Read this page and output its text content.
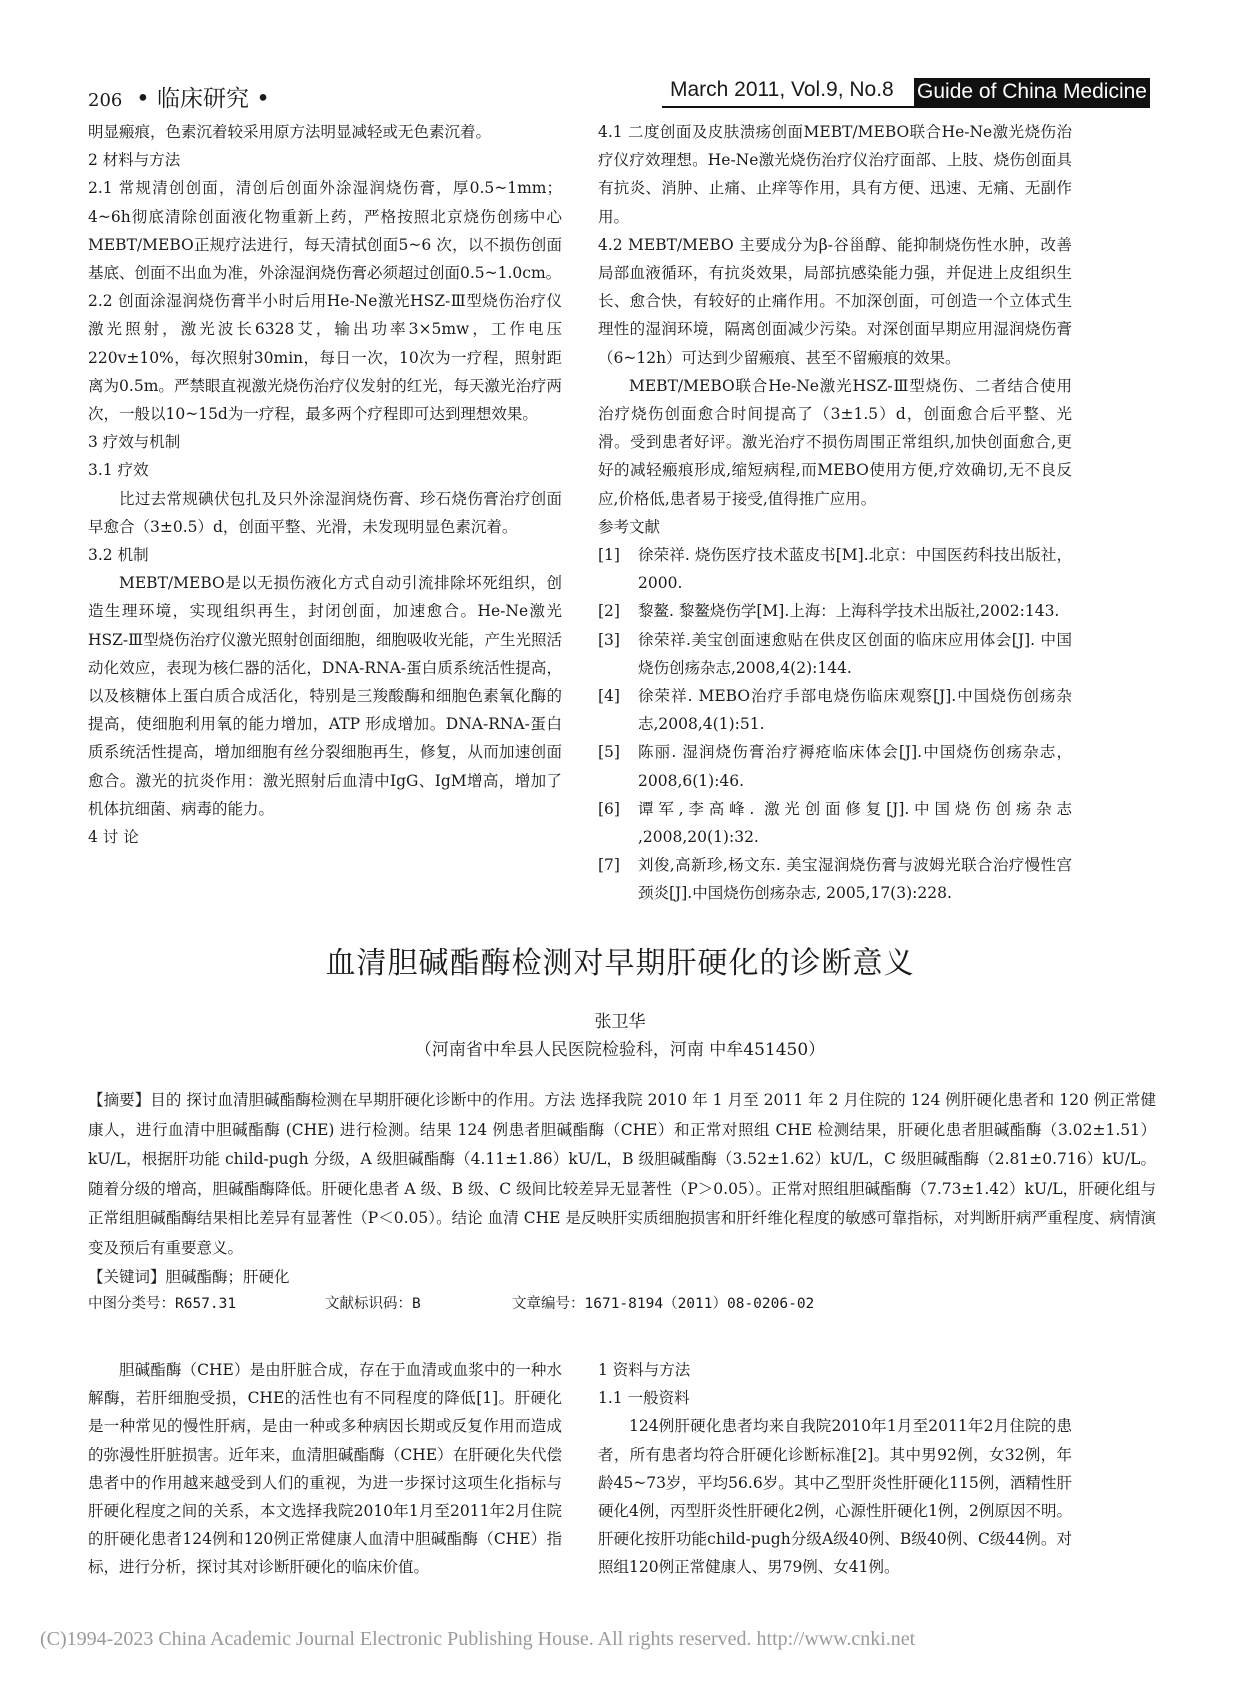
206 • 临床研究 •	March 2011, Vol.9, No.8 Guide of China Medicine

明显瘢痕，色素沉着较采用原方法明显减轻或无色素沉着。

2 材料与方法

2.1 常规清创创面，清创后创面外涂湿润烧伤膏，厚0.5~1mm；4~6h彻底清除创面液化物重新上药，严格按照北京烧伤创疡中心MEBT/MEBO正规疗法进行，每天清拭创面5~6 次，以不损伤创面基底、创面不出血为准，外涂湿润烧伤膏必须超过创面0.5~1.0cm。

2.2 创面涂湿润烧伤膏半小时后用He-Ne激光HSZ-Ⅲ型烧伤治疗仪激光照射，激光波长6328艾，输出功率3×5mw，工作电压220v±10%，每次照射30min，每日一次，10次为一疗程，照射距离为0.5m。严禁眼直视激光烧伤治疗仪发射的红光，每天激光治疗两次，一般以10~15d为一疗程，最多两个疗程即可达到理想效果。

3 疗效与机制

3.1 疗效

比过去常规碘伏包扎及只外涂湿润烧伤膏、珍石烧伤膏治疗创面早愈合（3±0.5）d，创面平整、光滑，未发现明显色素沉着。

3.2 机制

MEBT/MEBO是以无损伤液化方式自动引流排除坏死组织，创造生理环境，实现组织再生，封闭创面，加速愈合。He-Ne激光HSZ-Ⅲ型烧伤治疗仪激光照射创面细胞，细胞吸收光能，产生光照活动化效应，表现为核仁器的活化，DNA-RNA-蛋白质系统活性提高，以及核糖体上蛋白质合成活化，特别是三羧酸酶和细胞色素氧化酶的提高，使细胞利用氧的能力增加，ATP 形成增加。DNA-RNA-蛋白质系统活性提高，增加细胞有丝分裂细胞再生，修复，从而加速创面愈合。激光的抗炎作用：激光照射后血清中IgG、IgM增高，增加了机体抗细菌、病毒的能力。

4 讨 论

4.1 二度创面及皮肤溃疡创面MEBT/MEBO联合He-Ne激光烧伤治疗仪疗效理想。He-Ne激光烧伤治疗仪治疗面部、上肢、烧伤创面具有抗炎、消肿、止痛、止痒等作用，具有方便、迅速、无痛、无副作用。

4.2 MEBT/MEBO 主要成分为β-谷甾醇、能抑制烧伤性水肿，改善局部血液循环，有抗炎效果，局部抗感染能力强，并促进上皮组织生长、愈合快，有较好的止痛作用。不加深创面，可创造一个立体式生理性的湿润环境，隔离创面减少污染。对深创面早期应用湿润烧伤膏（6~12h）可达到少留瘢痕、甚至不留瘢痕的效果。

MEBT/MEBO联合He-Ne激光HSZ-Ⅲ型烧伤、二者结合使用治疗烧伤创面愈合时间提高了（3±1.5）d，创面愈合后平整、光滑。受到患者好评。激光治疗不损伤周围正常组织,加快创面愈合,更好的减轻瘢痕形成,缩短病程,而MEBO使用方便,疗效确切,无不良反应,价格低,患者易于接受,值得推广应用。

参考文献

[1]	徐荣祥. 烧伤医疗技术蓝皮书[M].北京：中国医药科技出版社，2000.
[2]	黎鳌. 黎鳌烧伤学[M].上海：上海科学技术出版社,2002:143.
[3]	徐荣祥.美宝创面速愈贴在供皮区创面的临床应用体会[J]. 中国烧伤创疡杂志,2008,4(2):144.
[4]	徐荣祥. MEBO治疗手部电烧伤临床观察[J].中国烧伤创疡杂志,2008,4(1):51.
[5]	陈丽. 湿润烧伤膏治疗褥疮临床体会[J].中国烧伤创疡杂志，2008,6(1):46.
[6]	谭军,李高峰. 激光创面修复[J].中国烧伤创疡杂志 ,2008,20(1):32.
[7]	刘俊,高新珍,杨文东. 美宝湿润烧伤膏与波姆光联合治疗慢性宫颈炎[J].中国烧伤创疡杂志, 2005,17(3):228.
血清胆碱酯酶检测对早期肝硬化的诊断意义
张卫华
（河南省中牟县人民医院检验科，河南 中牟451450）

【摘要】目的 探讨血清胆碱酯酶检测在早期肝硬化诊断中的作用。方法 选择我院 2010 年 1 月至 2011 年 2 月住院的 124 例肝硬化患者和 120 例正常健康人，进行血清中胆碱酯酶 (CHE) 进行检测。结果 124 例患者胆碱酯酶（CHE）和正常对照组 CHE 检测结果，肝硬化患者胆碱酯酶（3.02±1.51）kU/L，根据肝功能 child-pugh 分级，A 级胆碱酯酶（4.11±1.86）kU/L，B 级胆碱酯酶（3.52±1.62）kU/L，C 级胆碱酯酶（2.81±0.716）kU/L。随着分级的增高，胆碱酯酶降低。肝硬化患者 A 级、B 级、C 级间比较差异无显著性（P＞0.05）。正常对照组胆碱酯酶（7.73±1.42）kU/L，肝硬化组与正常组胆碱酯酶结果相比差异有显著性（P＜0.05）。结论 血清 CHE 是反映肝实质细胞损害和肝纤维化程度的敏感可靠指标，对判断肝病严重程度、病情演变及预后有重要意义。

【关键词】胆碱酯酶；肝硬化

中图分类号：R657.31	文献标识码：B	文章编号：1671-8194（2011）08-0206-02

胆碱酯酶（CHE）是由肝脏合成，存在于血清或血浆中的一种水解酶，若肝细胞受损，CHE的活性也有不同程度的降低[1]。肝硬化是一种常见的慢性肝病，是由一种或多种病因长期或反复作用而造成的弥漫性肝脏损害。近年来，血清胆碱酯酶（CHE）在肝硬化失代偿患者中的作用越来越受到人们的重视，为进一步探讨这项生化指标与肝硬化程度之间的关系，本文选择我院2010年1月至2011年2月住院的肝硬化患者124例和120例正常健康人血清中胆碱酯酶（CHE）指标，进行分析，探讨其对诊断肝硬化的临床价值。

1 资料与方法

1.1 一般资料

124例肝硬化患者均来自我院2010年1月至2011年2月住院的患者，所有患者均符合肝硬化诊断标准[2]。其中男92例，女32例，年龄45~73岁，平均56.6岁。其中乙型肝炎性肝硬化115例，酒精性肝硬化4例，丙型肝炎性肝硬化2例，心源性肝硬化1例，2例原因不明。肝硬化按肝功能child-pugh分级A级40例、B级40例、C级44例。对照组120例正常健康人、男79例、女41例。

(C)1994-2023 China Academic Journal Electronic Publishing House. All rights reserved. http://www.cnki.net
